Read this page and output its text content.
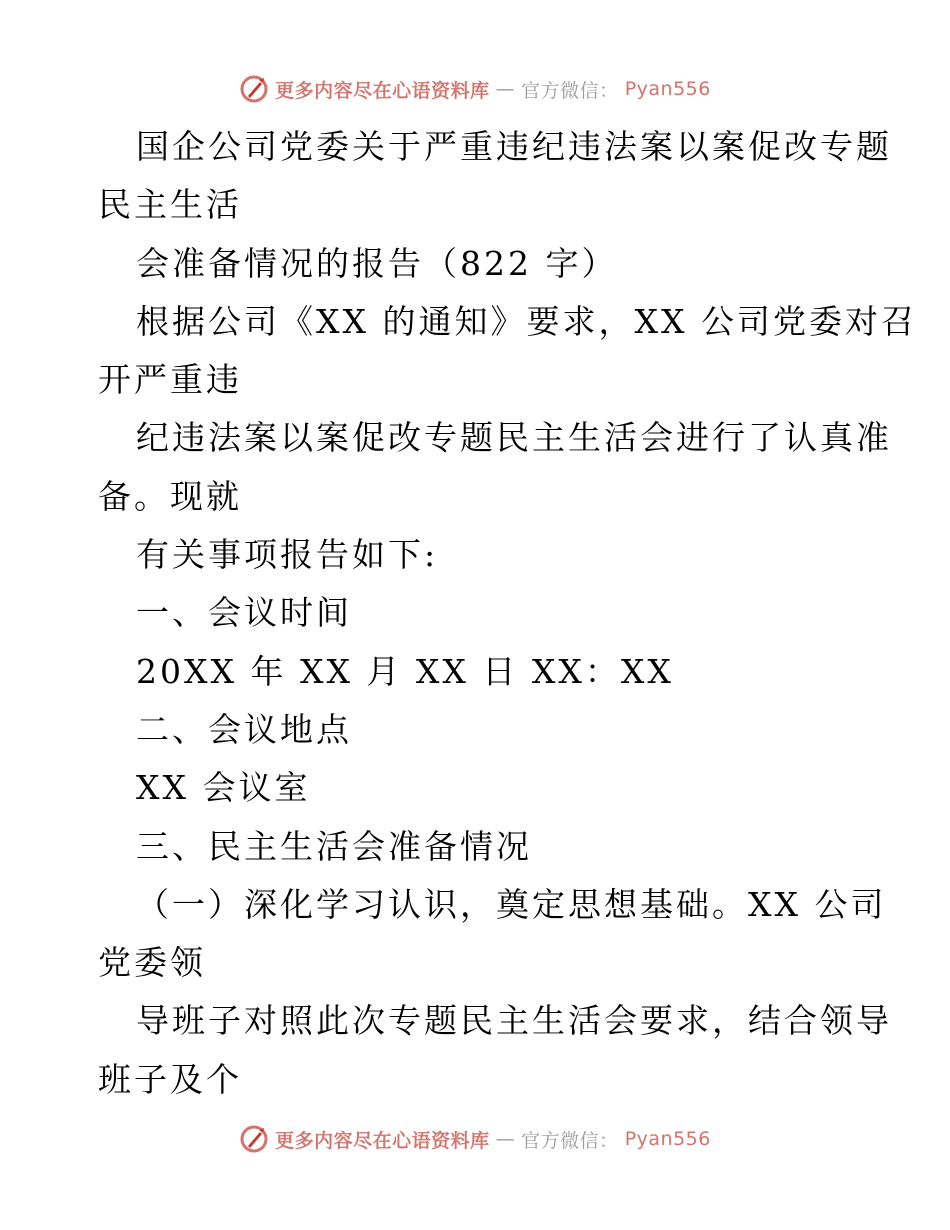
更多内容尽在心语资料库 — 官方微信： Pyan556
国企公司党委关于严重违纪违法案以案促改专题
民主生活
会准备情况的报告（822 字）
根据公司《XX 的通知》要求，XX 公司党委对召
开严重违
纪违法案以案促改专题民主生活会进行了认真准
备。现就
有关事项报告如下:
一、会议时间
20XX 年 XX 月 XX 日 XX：XX
二、会议地点
XX 会议室
三、民主生活会准备情况
（一）深化学习认识，奠定思想基础。XX 公司
党委领
导班子对照此次专题民主生活会要求，结合领导
班子及个
更多内容尽在心语资料库 — 官方微信： Pyan556
